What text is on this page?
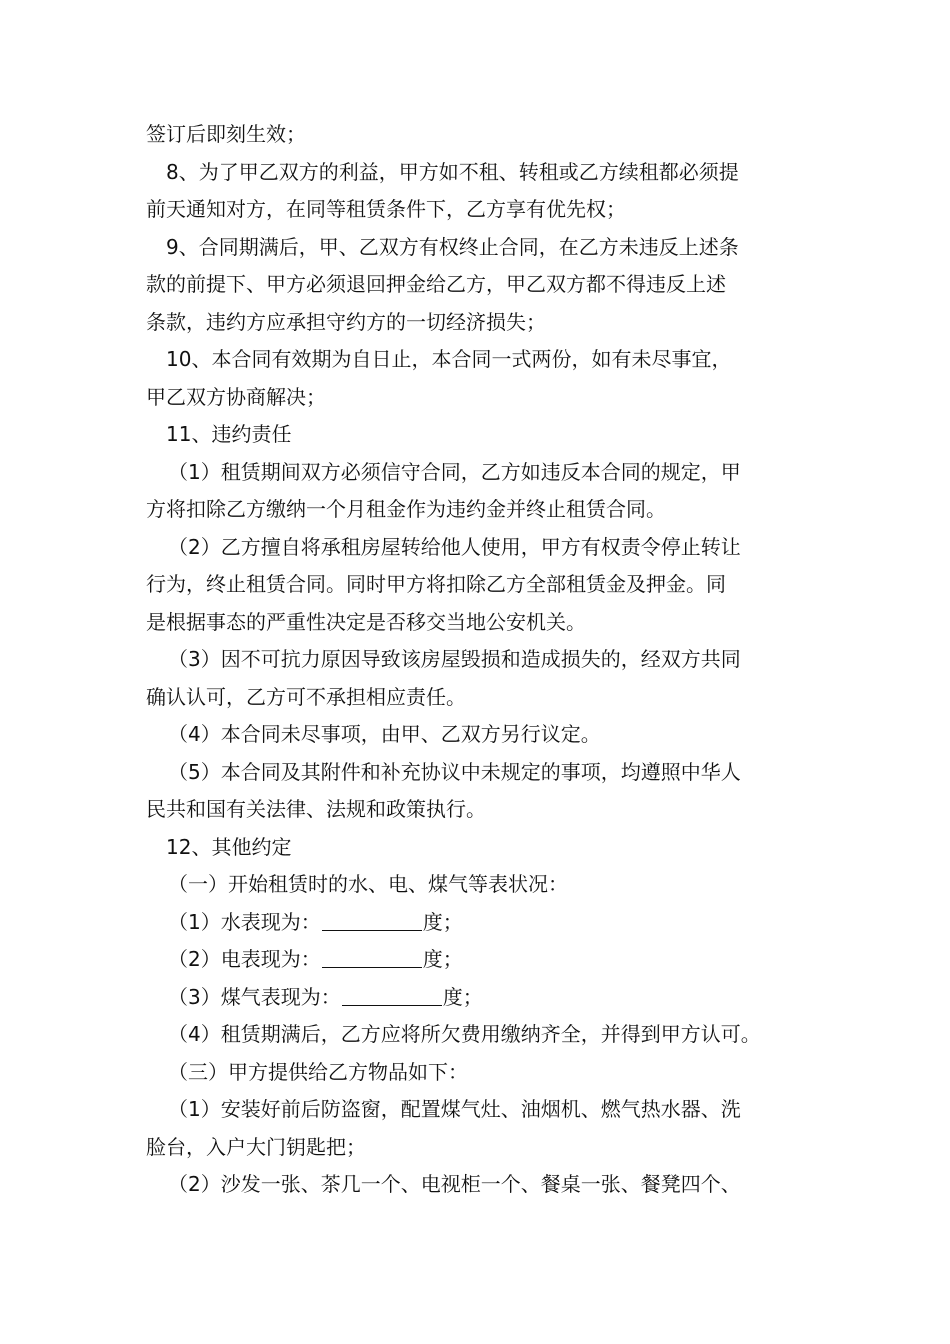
签订后即刻生效；
8、为了甲乙双方的利益，甲方如不租、转租或乙方续租都必须提
前天通知对方，在同等租赁条件下，乙方享有优先权；
9、合同期满后，甲、乙双方有权终止合同，在乙方未违反上述条
款的前提下、甲方必须退回押金给乙方，甲乙双方都不得违反上述
条款，违约方应承担守约方的一切经济损失；
10、本合同有效期为自日止，本合同一式两份，如有未尽事宜，
甲乙双方协商解决；
11、违约责任
（1）租赁期间双方必须信守合同，乙方如违反本合同的规定，甲
方将扣除乙方缴纳一个月租金作为违约金并终止租赁合同。
（2）乙方擅自将承租房屋转给他人使用，甲方有权责令停止转让
行为，终止租赁合同。同时甲方将扣除乙方全部租赁金及押金。同
是根据事态的严重性决定是否移交当地公安机关。
（3）因不可抗力原因导致该房屋毁损和造成损失的，经双方共同
确认认可，乙方可不承担相应责任。
（4）本合同未尽事项，由甲、乙双方另行议定。
（5）本合同及其附件和补充协议中未规定的事项，均遵照中华人
民共和国有关法律、法规和政策执行。
12、其他约定
（一）开始租赁时的水、电、煤气等表状况：
（1）水表现为：	度；
（2）电表现为：	度；
（3）煤气表现为：	度；
（4）租赁期满后，乙方应将所欠费用缴纳齐全，并得到甲方认可。
（三）甲方提供给乙方物品如下：
（1）安装好前后防盗窗，配置煤气灶、油烟机、燃气热水器、洗
脸台，入户大门钥匙把；
（2）沙发一张、茶几一个、电视柜一个、餐桌一张、餐凳四个、
